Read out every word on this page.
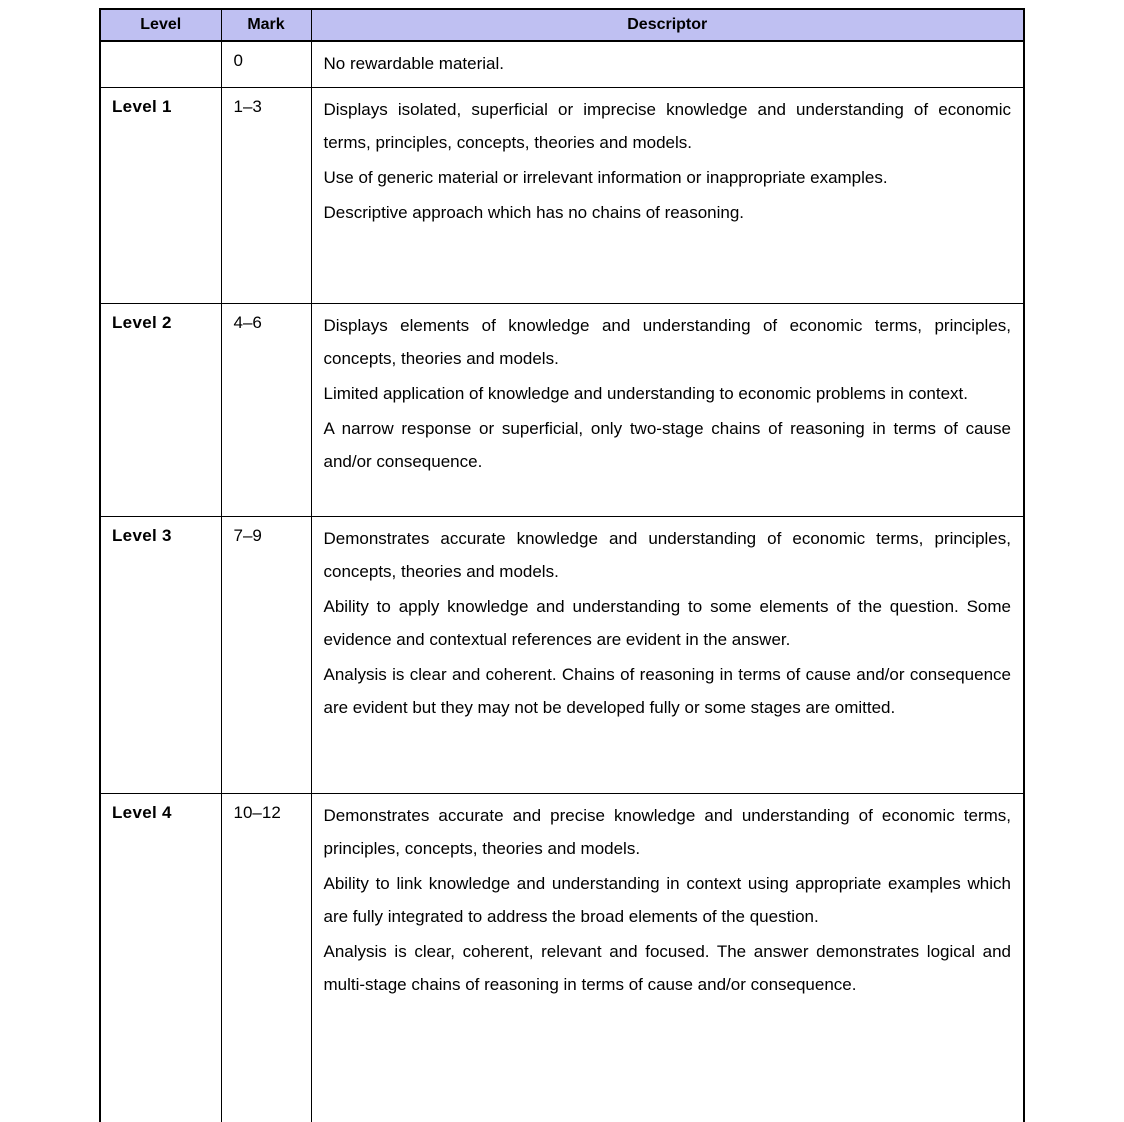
Level	Mark	Descriptor
	0	No rewardable material.

Level 1	1–3	Displays isolated, superficial or imprecise knowledge and understanding of economic terms, principles, concepts, theories and models.

Use of generic material or irrelevant information or inappropriate examples.

Descriptive approach which has no chains of reasoning.

Level 2	4–6	Displays elements of knowledge and understanding of economic terms, principles, concepts, theories and models.

Limited application of knowledge and understanding to economic problems in context.

A narrow response or superficial, only two-stage chains of reasoning in terms of cause and/or consequence.

Level 3	7–9	Demonstrates accurate knowledge and understanding of economic terms, principles, concepts, theories and models.

Ability to apply knowledge and understanding to some elements of the question. Some evidence and contextual references are evident in the answer.

Analysis is clear and coherent. Chains of reasoning in terms of cause and/or consequence are evident but they may not be developed fully or some stages are omitted.

Level 4	10–12	Demonstrates accurate and precise knowledge and understanding of economic terms, principles, concepts, theories and models.

Ability to link knowledge and understanding in context using appropriate examples which are fully integrated to address the broad elements of the question.

Analysis is clear, coherent, relevant and focused. The answer demonstrates logical and multi-stage chains of reasoning in terms of cause and/or consequence.
